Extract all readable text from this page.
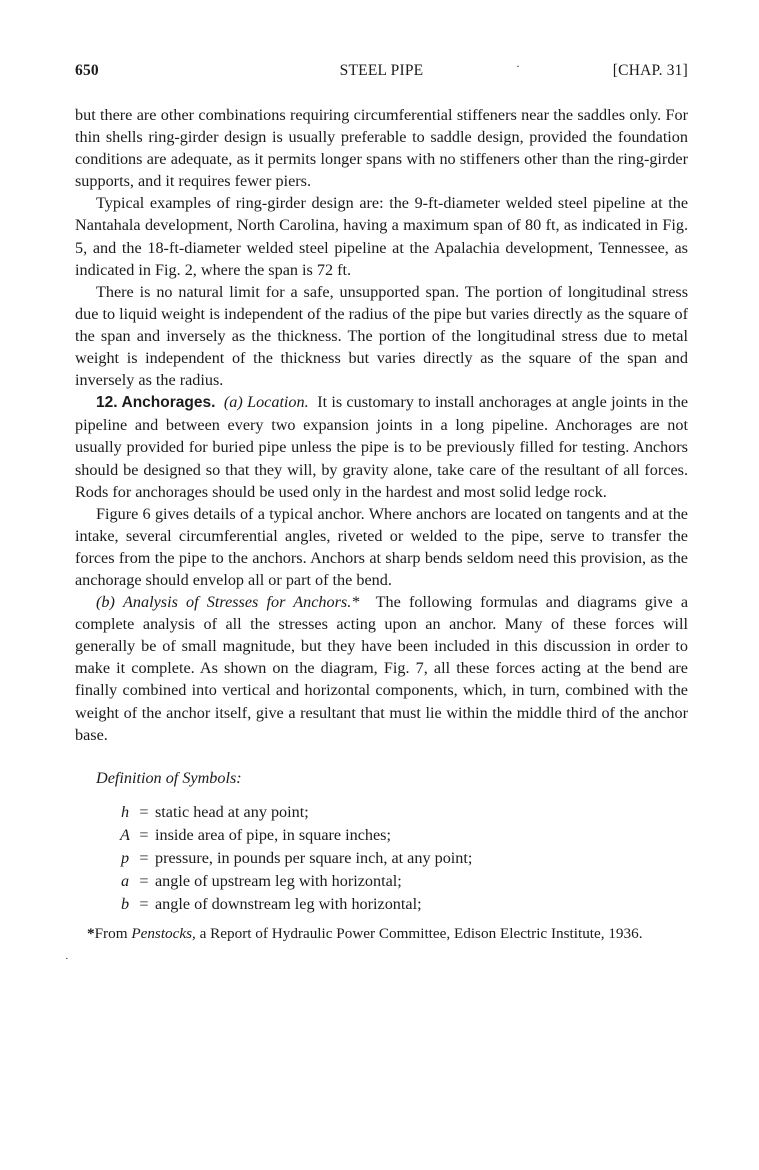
650	STEEL PIPE	·	[CHAP. 31]

but there are other combinations requiring circumferential stiffeners near the saddles only. For thin shells ring-girder design is usually preferable to saddle design, provided the foundation conditions are adequate, as it permits longer spans with no stiffeners other than the ring-girder supports, and it requires fewer piers.

Typical examples of ring-girder design are: the 9-ft-diameter welded steel pipeline at the Nantahala development, North Carolina, having a maximum span of 80 ft, as indicated in Fig. 5, and the 18-ft-diameter welded steel pipeline at the Apalachia development, Tennessee, as indicated in Fig. 2, where the span is 72 ft.

There is no natural limit for a safe, unsupported span. The portion of longitudinal stress due to liquid weight is independent of the radius of the pipe but varies directly as the square of the span and inversely as the thickness. The portion of the longitudinal stress due to metal weight is independent of the thickness but varies directly as the square of the span and inversely as the radius.

12. Anchorages. (a) Location. It is customary to install anchorages at angle joints in the pipeline and between every two expansion joints in a long pipeline. Anchorages are not usually provided for buried pipe unless the pipe is to be previously filled for testing. Anchors should be designed so that they will, by gravity alone, take care of the resultant of all forces. Rods for anchorages should be used only in the hardest and most solid ledge rock.

Figure 6 gives details of a typical anchor. Where anchors are located on tangents and at the intake, several circumferential angles, riveted or welded to the pipe, serve to transfer the forces from the pipe to the anchors. Anchors at sharp bends seldom need this provision, as the anchorage should envelop all or part of the bend.

(b) Analysis of Stresses for Anchors.* The following formulas and diagrams give a complete analysis of all the stresses acting upon an anchor. Many of these forces will generally be of small magnitude, but they have been included in this discussion in order to make it complete. As shown on the diagram, Fig. 7, all these forces acting at the bend are finally combined into vertical and horizontal components, which, in turn, combined with the weight of the anchor itself, give a resultant that must lie within the middle third of the anchor base.

Definition of Symbols:
·
h = static head at any point;
A = inside area of pipe, in square inches;
p = pressure, in pounds per square inch, at any point;
a = angle of upstream leg with horizontal;
b = angle of downstream leg with horizontal;
*From Penstocks, a Report of Hydraulic Power Committee, Edison Electric Institute, 1936.
